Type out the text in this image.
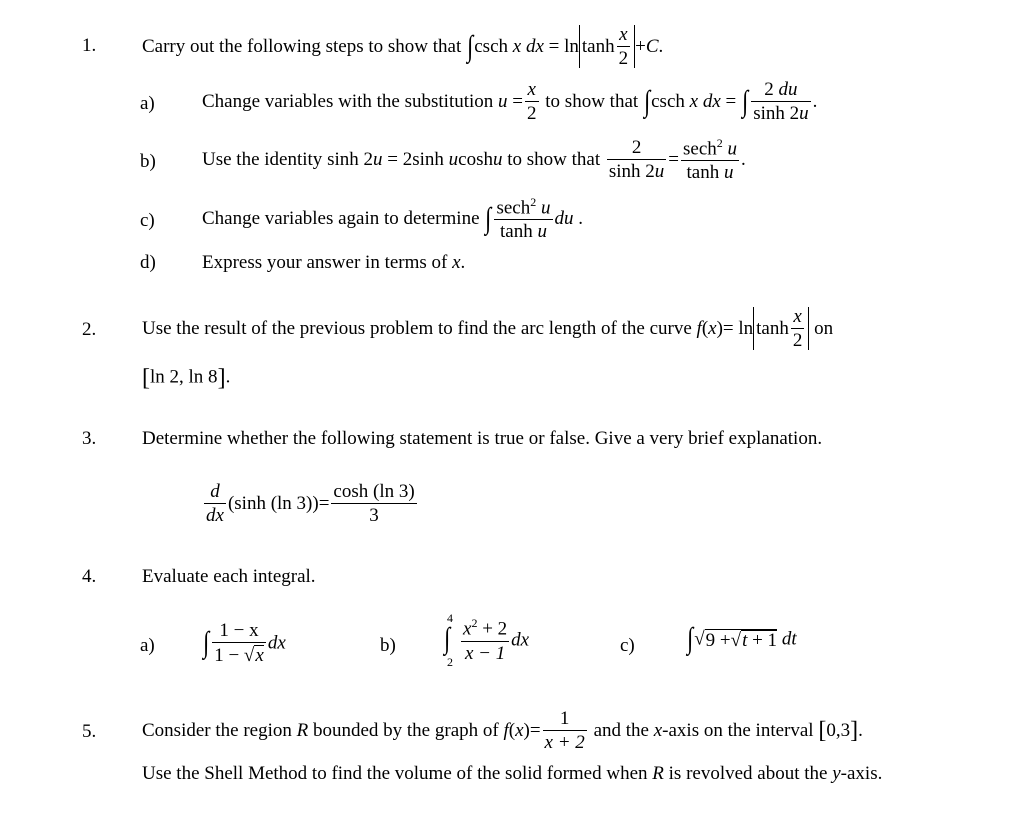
1. Carry out the following steps to show that ∫csch x dx = $\ln \tanh \frac{x}{2} +C$.
a) Change variables with the substitution $u = \frac{x}{2}$ to show that ∫csch x dx = ∫ $\frac{2 du}{\sinh 2u}$ .
b) Use the identity sinh 2u = 2sinh ucoshu to show that $\frac{2}{\sinh 2u} = \frac{\sec h^2 u}{\text{tanh u}}$ .
c) Change variables again to determine ∫ $\frac{\sec h^2 u}{\text{tanh u}}$ du .
d) Express your answer in terms of x.
2. Use the result of the previous problem to find the arc length of the curve $f(x)= \ln \tanh \frac{x}{2}$ on
[ln 2, ln 8].
3. Determine whether the following statement is true or false. Give a very brief explanation.
$\frac{d}{dx} (\sinh$ (ln $3))= \frac{\cosh (\ln 3)}{3}$
4. Evaluate each integral.
a) ∫ $\frac{1 - x}{1 - √x}$ dx	b)
4
∫
$2 \frac{x^2 + 2}{x - 1}$ dx	c) ∫√9 +√t + 1 dt
5. Consider the region R bounded by the graph of $f(x)= \frac{1}{x + 2}$ and the x-axis on the interval [0,3].
Use the Shell Method to find the volume of the solid formed when R is revolved about the y-axis.
